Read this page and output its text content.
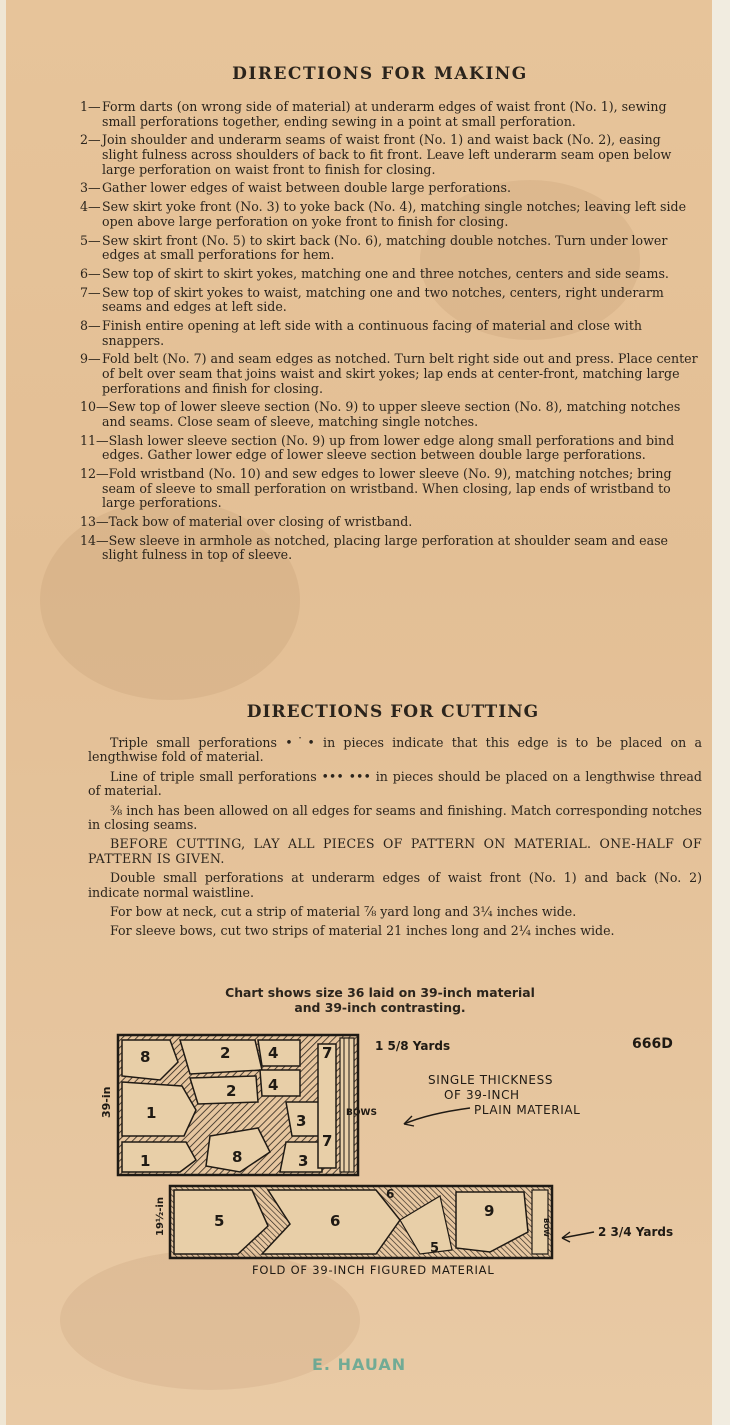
DIRECTIONS FOR MAKING
1—Form darts (on wrong side of material) at underarm edges of waist front (No. 1), sewing small perforations together, ending sewing in a point at small perforation.
2—Join shoulder and underarm seams of waist front (No. 1) and waist back (No. 2), easing slight fulness across shoulders of back to fit front. Leave left underarm seam open below large perforation on waist front to finish for closing.
3—Gather lower edges of waist between double large perforations.
4—Sew skirt yoke front (No. 3) to yoke back (No. 4), matching single notches; leaving left side open above large perforation on yoke front to finish for closing.
5—Sew skirt front (No. 5) to skirt back (No. 6), matching double notches. Turn under lower edges at small perforations for hem.
6—Sew top of skirt to skirt yokes, matching one and three notches, centers and side seams.
7—Sew top of skirt yokes to waist, matching one and two notches, centers, right underarm seams and edges at left side.
8—Finish entire opening at left side with a continuous facing of material and close with snappers.
9—Fold belt (No. 7) and seam edges as notched. Turn belt right side out and press. Place center of belt over seam that joins waist and skirt yokes; lap ends at center-front, matching large perforations and finish for closing.
10—Sew top of lower sleeve section (No. 9) to upper sleeve section (No. 8), matching notches and seams. Close seam of sleeve, matching single notches.
11—Slash lower sleeve section (No. 9) up from lower edge along small perforations and bind edges. Gather lower edge of lower sleeve section between double large perforations.
12—Fold wristband (No. 10) and sew edges to lower sleeve (No. 9), matching notches; bring seam of sleeve to small perforation on wristband. When closing, lap ends of wristband to large perforations.
13—Tack bow of material over closing of wristband.
14—Sew sleeve in armhole as notched, placing large perforation at shoulder seam and ease slight fulness in top of sleeve.
DIRECTIONS FOR CUTTING

Triple small perforations •˙• in pieces indicate that this edge is to be placed on a lengthwise fold of material.

Line of triple small perforations ••• ••• in pieces should be placed on a lengthwise thread of material.

⅜ inch has been allowed on all edges for seams and finishing. Match corresponding notches in closing seams.

BEFORE CUTTING, LAY ALL PIECES OF PATTERN ON MATERIAL. ONE-HALF OF PATTERN IS GIVEN.

Double small perforations at underarm edges of waist front (No. 1) and back (No. 2) indicate normal waistline.

For bow at neck, cut a strip of material ⅞ yard long and 3¼ inches wide.

For sleeve bows, cut two strips of material 21 inches long and 2¼ inches wide.

Chart shows size 36 laid on 39-inch material
and 39-inch contrasting.
8	2	4	7
2 4
1	3
7
1	8	3
39-in
1 5/8 Yards	666D
BOWS
SINGLE THICKNESS
OF 39-INCH
PLAIN MATERIAL
5	6
6
9
5
19½-in	BOW	2 3/4 Yards
FOLD OF 39-INCH FIGURED MATERIAL
E. HAUAN
